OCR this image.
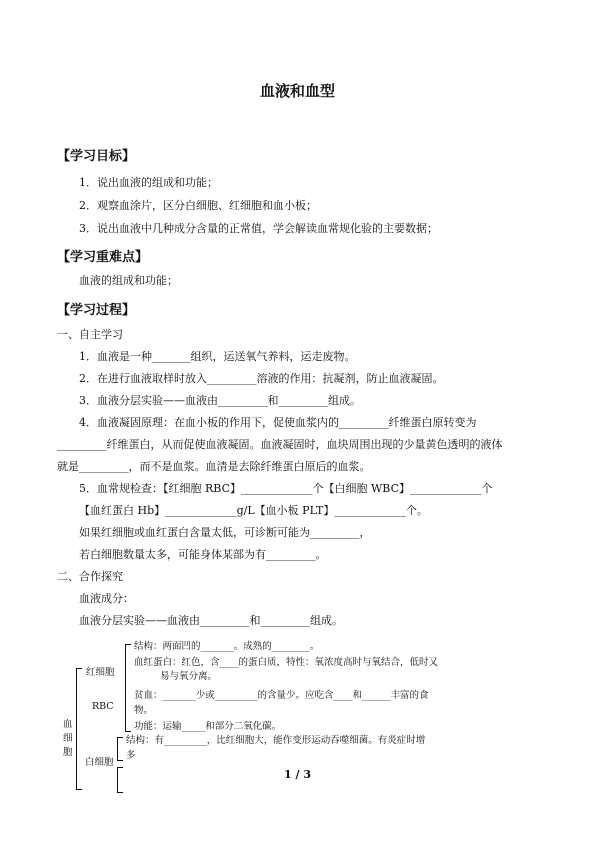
血液和血型
【学习目标】
1．说出血液的组成和功能；
2．观察血涂片，区分白细胞、红细胞和血小板；
3．说出血液中几种成分含量的正常值，学会解读血常规化验的主要数据；
【学习重难点】
血液的组成和功能；
【学习过程】
一、自主学习
1．血液是一种_______组织，运送氧气养料，运走废物。
2．在进行血液取样时放入_________溶液的作用：抗凝剂，防止血液凝固。
3．血液分层实验——血液由_________和_________组成。
4．血液凝固原理：在血小板的作用下，促使血浆内的_________纤维蛋白原转变为
_________纤维蛋白，从而促使血液凝固。血液凝固时，血块周围出现的少量黄色透明的液体
就是_________，而不是血浆。血清是去除纤维蛋白原后的血浆。
5．血常规检查：【红细胞 RBC】_____________个【白细胞 WBC】_____________个
【血红蛋白 Hb】_____________g/L【血小板 PLT】_____________个。
如果红细胞或血红蛋白含量太低，可诊断可能为_________，
若白细胞数量太多，可能身体某部为有_________。
二、合作探究
血液成分：
血液分层实验——血液由_________和_________组成。
血
细
胞
红细胞
RBC
结构：两面凹的_______。成熟的________。
血红蛋白：红色，含____的蛋白质，特性：氧浓度高时与氧结合，低时又
易与氧分离。
贫血：_______少或_________的含量少。应吃含____和______丰富的食
物。
功能：运输_____和部分二氧化碳。
白细胞
结构：有_________，比红细胞大，能作变形运动吞噬细菌。有炎症时增
多
1 / 3
